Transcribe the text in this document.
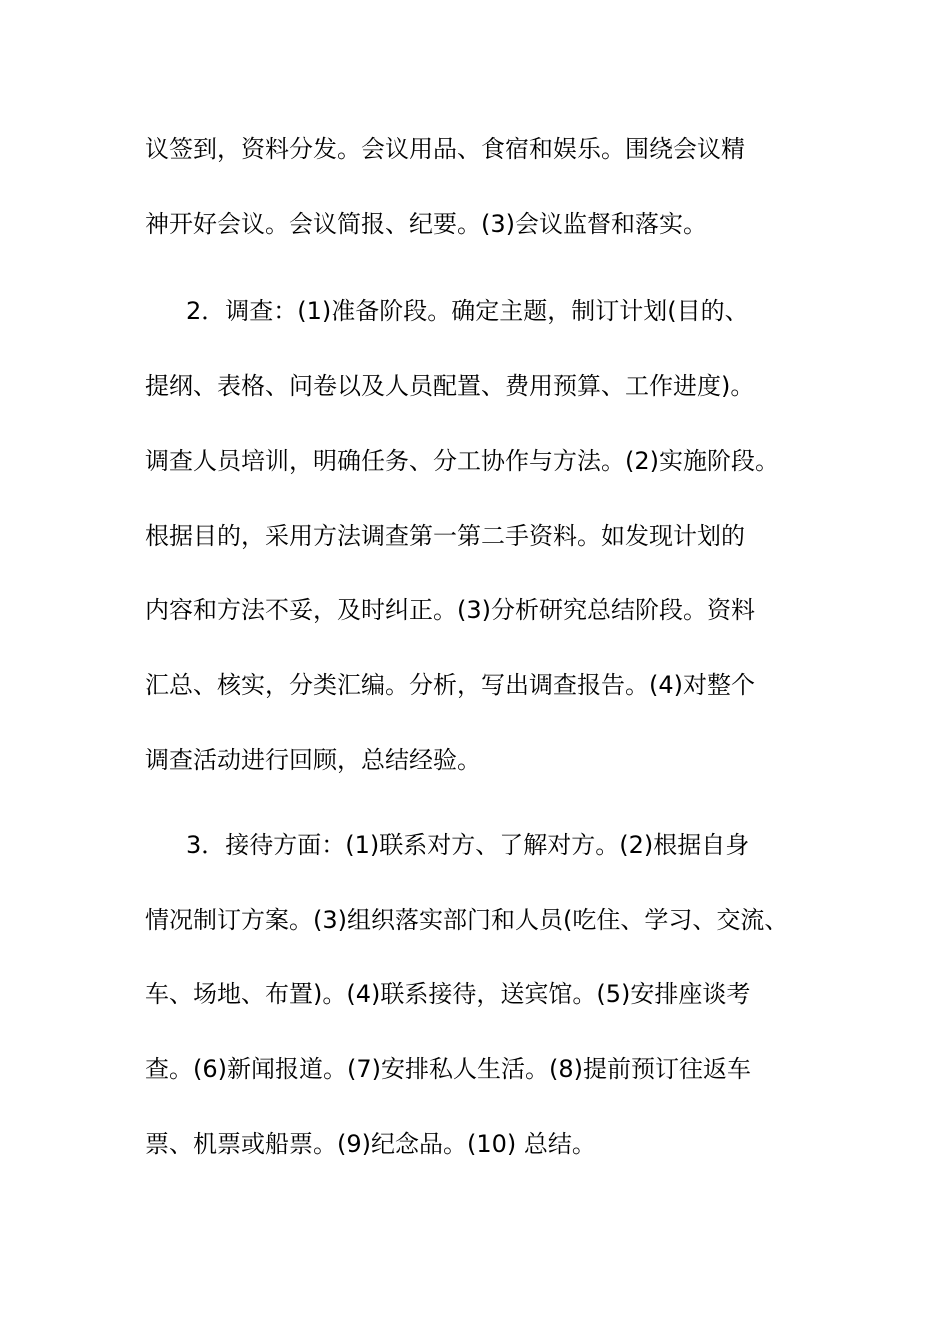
议签到，资料分发。会议用品、食宿和娱乐。围绕会议精
神开好会议。会议简报、纪要。(3)会议监督和落实。
2．调查：(1)准备阶段。确定主题，制订计划(目的、
提纲、表格、问卷以及人员配置、费用预算、工作进度)。
调查人员培训，明确任务、分工协作与方法。(2)实施阶段。
根据目的，采用方法调查第一第二手资料。如发现计划的
内容和方法不妥，及时纠正。(3)分析研究总结阶段。资料
汇总、核实，分类汇编。分析，写出调查报告。(4)对整个
调查活动进行回顾，总结经验。
3．接待方面：(1)联系对方、了解对方。(2)根据自身
情况制订方案。(3)组织落实部门和人员(吃住、学习、交流、
车、场地、布置)。(4)联系接待，送宾馆。(5)安排座谈考
查。(6)新闻报道。(7)安排私人生活。(8)提前预订往返车
票、机票或船票。(9)纪念品。(10) 总结。
